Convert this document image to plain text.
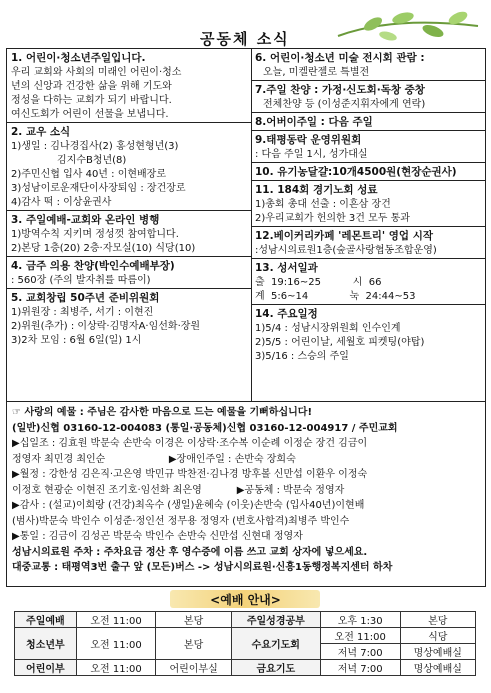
공동체 소식
1. 어린이·청소년주일입니다.
우리 교회와 사회의 미래인 어린이·청소
년의 신앙과 건강한 삶을 위해 기도와
정성을 다하는 교회가 되기 바랍니다.
여신도회가 어린이 선물을 보냅니다.
2. 교우 소식
1)생일 : 김나경집사(2) 홍성현형년(3)
김지수B청년(8)
2)주민신협 입사 40년 : 이현배장로
3)성남이로운재단이사장퇴임 : 장건장로
4)감사 떡 : 이상윤권사
3. 주일예배-교회와 온라인 병행
1)방역수칙 지키며 정성껏 참여합니다.
2)본당 1층(20) 2층·자모실(10) 식당(10)
4. 금주 의용 찬양(박인수예배부장)
: 560장 (주의 발자취를 따름이)
5. 교회창립 50주년 준비위원회
1)위원장 : 최병주, 서기 : 이현진
2)위원(추가) : 이상락·김명자A·임선화·장원
3)2차 모임 : 6월 6일(일) 1시
6. 어린이·청소년 미술 전시회 관람 :
오늘, 미켈란젤로 특별전
7.주일 찬양 : 가정·신도회·독창 중창
전체찬양 등 (이성준지휘자에게 연락)
8.어버이주일 : 다음 주일
9.태평동락 운영위원회
: 다음 주일 1시, 성가대실
10. 유기농달걀:10개4500원(현장순권사)
11. 184회 경기노회 성료
1)총회 총대 선출 : 이흔삼 장건
2)우리교회가 헌의한 3건 모두 통과
12.베이커리카페 '레몬트리' 영업 시작
:성남시의료원1층(숲골사랑협동조합운영)
13. 성서일과
출  19:16~25          시  66
계  5:6~14             눅  24:44~53
14. 주요일정
1)5/4 : 성남시장위원회 인수인계
2)5/5 : 어린이날, 세월호 피켓팅(야탑)
3)5/16 : 스승의 주일
☞ 사랑의 예물 : 주님은 감사한 마음으로 드는 예물을 기뻐하십니다!
(일반)신협 03160-12-004083 (통일·공동체)신협 03160-12-004917 / 주민교회
▶십일조 : 김효원 박문숙 손반숙 이경은 이상락·조수복 이순례 이정순 장건 김금이
정영자 최민경 최인순                    ▶장애인주일 : 손반숙 장희숙
▶월정 : 강한성 김은직·고은영 박민규 박찬전·김나경 방후볼 신만섭 이환우 이정숙
이정호 현광순 이현진 조기호·임선화 최은영           ▶공동체 : 박문숙 정영자
▶감사 : (설교)이희랑 (건강)최옥수 (생일)윤혜숙 (이웃)손반숙 (입사40년)이현배
(범사)박문숙 박인수 이성준·정인선 정무용 정영자 (번호사합격)최병주 박인수
▶통일 : 김금이 김성곤 박문숙 박인수 손반숙 신만섭 신현대 정영자
성남시의료원 주차 : 주차요금 정산 후 영수증에 이름 쓰고 교회 상자에 넣으세요.
대중교통 : 태평역3번 출구 앞 (모든)버스 -> 성남시의료원·신흥1동행정복지센터 하차
<예배 안내>
주일예배	오전 11:00	본당	주일성경공부	오후 1:30	본당
청소년부	오전 11:00	본당	수요기도회	오전 11:00	식당
				저녁 7:00	명상예배실
어린이부	오전 11:00	어린이부실	금요기도	저녁 7:00	명상예배실
